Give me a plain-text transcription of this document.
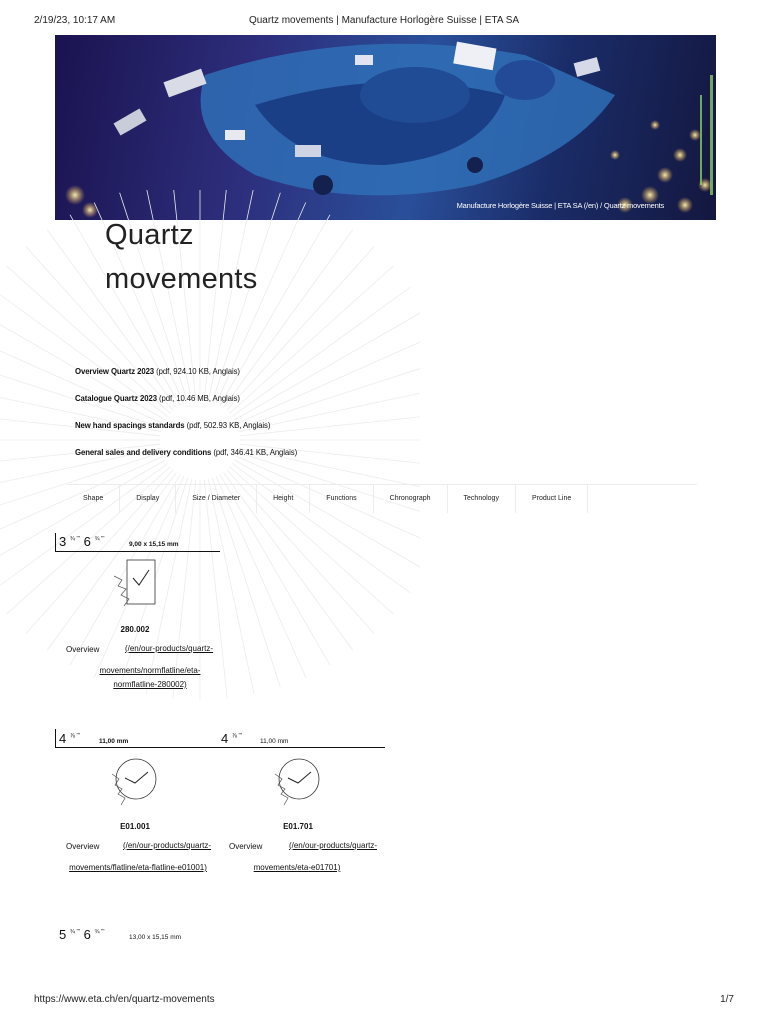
2/19/23, 10:17 AM	Quartz movements | Manufacture Horlogère Suisse | ETA SA
Manufacture Horlogère Suisse | ETA SA (/en) / Quartz movements
Quartz
movements
Overview Quartz 2023 (pdf, 924.10 KB, Anglais)
Catalogue Quartz 2023 (pdf, 10.46 MB, Anglais)
New hand spacings standards (pdf, 502.93 KB, Anglais)
General sales and delivery conditions (pdf, 346.41 KB, Anglais)
Shape	Display	Size / Diameter	Height	Functions	Chronograph	Technology	Product Line
3 $^{\frac{3}{4} '''}$ 6 $^{\frac{3}{4} '''}$
9,00 x 15,15 mm
280.002
Overview	(/en/our-products/quartz-
movements/normflatline/eta-
normflatline-280002)
4 $^{\frac{7}{8} '''}$
11,00 mm	4 $^{\frac{7}{8} '''}$
11,00 mm
E01.001
Overview	(/en/our-products/quartz-
movements/flatline/eta-flatline-e01001)
E01.701
Overview	(/en/our-products/quartz-
movements/eta-e01701)
5 $^{\frac{3}{4} '''}$ 6 $^{\frac{3}{4} '''}$
13,00 x 15,15 mm
https://www.eta.ch/en/quartz-movements	1/7
